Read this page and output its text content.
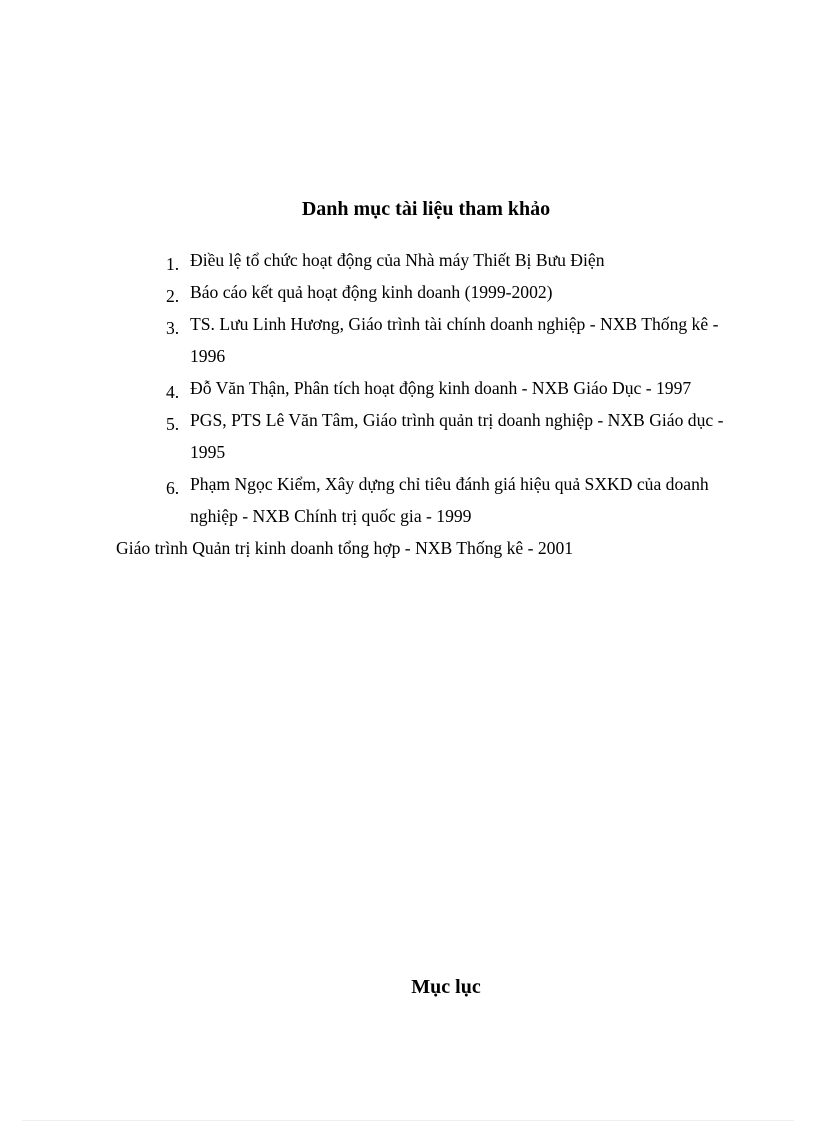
Danh mục tài liệu tham khảo
1. Điều lệ tổ chức hoạt động của Nhà máy Thiết Bị Bưu Điện
2. Báo cáo kết quả hoạt động kinh doanh (1999-2002)
3. TS. Lưu Linh Hương, Giáo trình tài chính doanh nghiệp - NXB Thống kê - 1996
4. Đỗ Văn Thận, Phân tích hoạt động kinh doanh - NXB Giáo Dục - 1997
5. PGS, PTS Lê Văn Tâm, Giáo trình quản trị doanh nghiệp - NXB Giáo dục - 1995
6. Phạm Ngọc Kiểm, Xây dựng chỉ tiêu đánh giá hiệu quả SXKD của doanh nghiệp - NXB Chính trị quốc gia - 1999
Giáo trình Quản trị kinh doanh tổng hợp - NXB Thống kê - 2001
Mục lục
